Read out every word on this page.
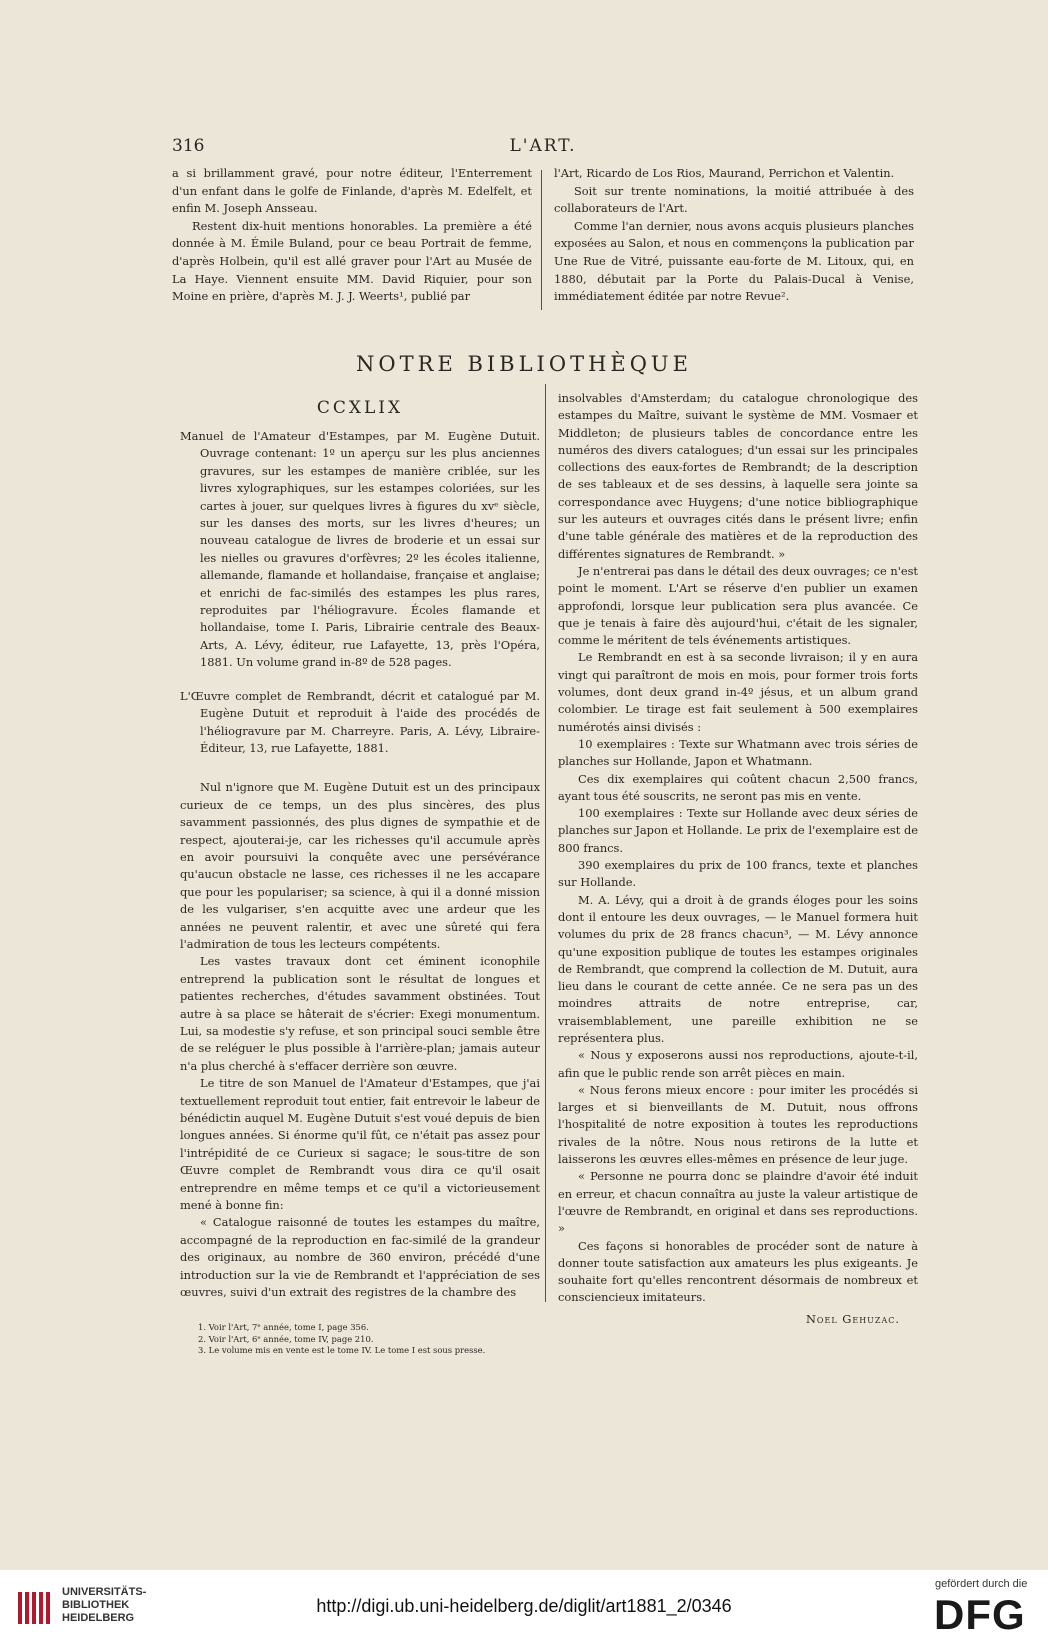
316	L'ART.

a si brillamment gravé, pour notre éditeur, l'Enterrement d'un enfant dans le golfe de Finlande, d'après M. Edelfelt, et enfin M. Joseph Ansseau.

Restent dix-huit mentions honorables. La première a été donnée à M. Émile Buland, pour ce beau Portrait de femme, d'après Holbein, qu'il est allé graver pour l'Art au Musée de La Haye. Viennent ensuite MM. David Riquier, pour son Moine en prière, d'après M. J. J. Weerts¹, publié par

l'Art, Ricardo de Los Rios, Maurand, Perrichon et Valentin.

Soit sur trente nominations, la moitié attribuée à des collaborateurs de l'Art.

Comme l'an dernier, nous avons acquis plusieurs planches exposées au Salon, et nous en commençons la publication par Une Rue de Vitré, puissante eau-forte de M. Litoux, qui, en 1880, débutait par la Porte du Palais-Ducal à Venise, immédiatement éditée par notre Revue².

NOTRE BIBLIOTHÈQUE
CCXLIX

Manuel de l'Amateur d'Estampes, par M. Eugène Dutuit. Ouvrage contenant: 1º un aperçu sur les plus anciennes gravures, sur les estampes de manière criblée, sur les livres xylographiques, sur les estampes coloriées, sur les cartes à jouer, sur quelques livres à figures du xvᵉ siècle, sur les danses des morts, sur les livres d'heures; un nouveau catalogue de livres de broderie et un essai sur les nielles ou gravures d'orfèvres; 2º les écoles italienne, allemande, flamande et hollandaise, française et anglaise; et enrichi de fac-similés des estampes les plus rares, reproduites par l'héliogravure. Écoles flamande et hollandaise, tome I. Paris, Librairie centrale des Beaux-Arts, A. Lévy, éditeur, rue Lafayette, 13, près l'Opéra, 1881. Un volume grand in-8º de 528 pages.

L'Œuvre complet de Rembrandt, décrit et catalogué par M. Eugène Dutuit et reproduit à l'aide des procédés de l'héliogravure par M. Charreyre. Paris, A. Lévy, Libraire-Éditeur, 13, rue Lafayette, 1881.

Nul n'ignore que M. Eugène Dutuit est un des principaux curieux de ce temps, un des plus sincères, des plus savamment passionnés, des plus dignes de sympathie et de respect, ajouterai-je, car les richesses qu'il accumule après en avoir poursuivi la conquête avec une persévérance qu'aucun obstacle ne lasse, ces richesses il ne les accapare que pour les populariser; sa science, à qui il a donné mission de les vulgariser, s'en acquitte avec une ardeur que les années ne peuvent ralentir, et avec une sûreté qui fera l'admiration de tous les lecteurs compétents.

Les vastes travaux dont cet éminent iconophile entreprend la publication sont le résultat de longues et patientes recherches, d'études savamment obstinées. Tout autre à sa place se hâterait de s'écrier: Exegi monumentum. Lui, sa modestie s'y refuse, et son principal souci semble être de se reléguer le plus possible à l'arrière-plan; jamais auteur n'a plus cherché à s'effacer derrière son œuvre.

Le titre de son Manuel de l'Amateur d'Estampes, que j'ai textuellement reproduit tout entier, fait entrevoir le labeur de bénédictin auquel M. Eugène Dutuit s'est voué depuis de bien longues années. Si énorme qu'il fût, ce n'était pas assez pour l'intrépidité de ce Curieux si sagace; le sous-titre de son Œuvre complet de Rembrandt vous dira ce qu'il osait entreprendre en même temps et ce qu'il a victorieusement mené à bonne fin:

« Catalogue raisonné de toutes les estampes du maître, accompagné de la reproduction en fac-similé de la grandeur des originaux, au nombre de 360 environ, précédé d'une introduction sur la vie de Rembrandt et l'appréciation de ses œuvres, suivi d'un extrait des registres de la chambre des

insolvables d'Amsterdam; du catalogue chronologique des estampes du Maître, suivant le système de MM. Vosmaer et Middleton; de plusieurs tables de concordance entre les numéros des divers catalogues; d'un essai sur les principales collections des eaux-fortes de Rembrandt; de la description de ses tableaux et de ses dessins, à laquelle sera jointe sa correspondance avec Huygens; d'une notice bibliographique sur les auteurs et ouvrages cités dans le présent livre; enfin d'une table générale des matières et de la reproduction des différentes signatures de Rembrandt. »

Je n'entrerai pas dans le détail des deux ouvrages; ce n'est point le moment. L'Art se réserve d'en publier un examen approfondi, lorsque leur publication sera plus avancée. Ce que je tenais à faire dès aujourd'hui, c'était de les signaler, comme le méritent de tels événements artistiques.

Le Rembrandt en est à sa seconde livraison; il y en aura vingt qui paraîtront de mois en mois, pour former trois forts volumes, dont deux grand in-4º jésus, et un album grand colombier. Le tirage est fait seulement à 500 exemplaires numérotés ainsi divisés :

10 exemplaires : Texte sur Whatmann avec trois séries de planches sur Hollande, Japon et Whatmann.

Ces dix exemplaires qui coûtent chacun 2,500 francs, ayant tous été souscrits, ne seront pas mis en vente.

100 exemplaires : Texte sur Hollande avec deux séries de planches sur Japon et Hollande. Le prix de l'exemplaire est de 800 francs.

390 exemplaires du prix de 100 francs, texte et planches sur Hollande.

M. A. Lévy, qui a droit à de grands éloges pour les soins dont il entoure les deux ouvrages, — le Manuel formera huit volumes du prix de 28 francs chacun³, — M. Lévy annonce qu'une exposition publique de toutes les estampes originales de Rembrandt, que comprend la collection de M. Dutuit, aura lieu dans le courant de cette année. Ce ne sera pas un des moindres attraits de notre entreprise, car, vraisemblablement, une pareille exhibition ne se représentera plus.

« Nous y exposerons aussi nos reproductions, ajoute-t-il, afin que le public rende son arrêt pièces en main.

« Nous ferons mieux encore : pour imiter les procédés si larges et si bienveillants de M. Dutuit, nous offrons l'hospitalité de notre exposition à toutes les reproductions rivales de la nôtre. Nous nous retirons de la lutte et laisserons les œuvres elles-mêmes en présence de leur juge.

« Personne ne pourra donc se plaindre d'avoir été induit en erreur, et chacun connaîtra au juste la valeur artistique de l'œuvre de Rembrandt, en original et dans ses reproductions. »

Ces façons si honorables de procéder sont de nature à donner toute satisfaction aux amateurs les plus exigeants. Je souhaite fort qu'elles rencontrent désormais de nombreux et consciencieux imitateurs.

Noel Gehuzac.

1. Voir l'Art, 7ᵉ année, tome I, page 356.
2. Voir l'Art, 6ᵉ année, tome IV, page 210.
3. Le volume mis en vente est le tome IV. Le tome I est sous presse.
UNIVERSITÄTS-
BIBLIOTHEK
HEIDELBERG
http://digi.ub.uni-heidelberg.de/diglit/art1881_2/0346
gefördert durch die
DFG
